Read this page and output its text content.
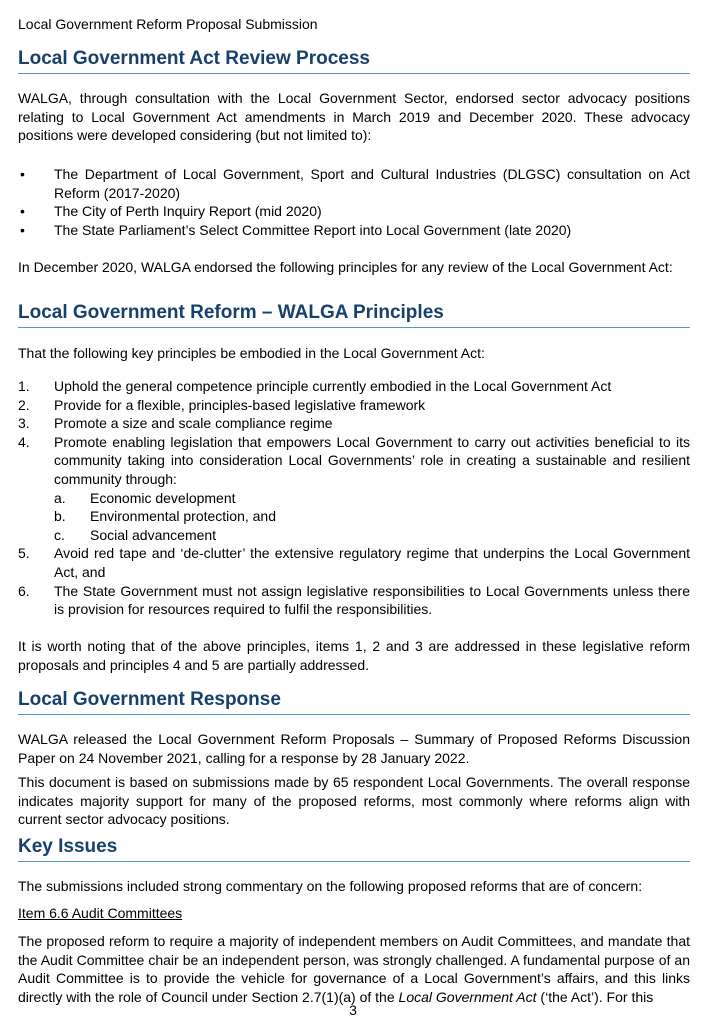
Local Government Reform Proposal Submission
Local Government Act Review Process

WALGA, through consultation with the Local Government Sector, endorsed sector advocacy positions relating to Local Government Act amendments in March 2019 and December 2020. These advocacy positions were developed considering (but not limited to):

• The Department of Local Government, Sport and Cultural Industries (DLGSC) consultation on Act Reform (2017-2020)
• The City of Perth Inquiry Report (mid 2020)
• The State Parliament’s Select Committee Report into Local Government (late 2020)

In December 2020, WALGA endorsed the following principles for any review of the Local Government Act:

Local Government Reform – WALGA Principles

That the following key principles be embodied in the Local Government Act:

1. Uphold the general competence principle currently embodied in the Local Government Act
2. Provide for a flexible, principles-based legislative framework
3. Promote a size and scale compliance regime
4. Promote enabling legislation that empowers Local Government to carry out activities beneficial to its community taking into consideration Local Governments’ role in creating a sustainable and resilient community through:
a. Economic development
b. Environmental protection, and
c. Social advancement
5. Avoid red tape and ‘de-clutter’ the extensive regulatory regime that underpins the Local Government Act, and
6. The State Government must not assign legislative responsibilities to Local Governments unless there is provision for resources required to fulfil the responsibilities.

It is worth noting that of the above principles, items 1, 2 and 3 are addressed in these legislative reform proposals and principles 4 and 5 are partially addressed.

Local Government Response

WALGA released the Local Government Reform Proposals – Summary of Proposed Reforms Discussion Paper on 24 November 2021, calling for a response by 28 January 2022.

This document is based on submissions made by 65 respondent Local Governments. The overall response indicates majority support for many of the proposed reforms, most commonly where reforms align with current sector advocacy positions.

Key Issues

The submissions included strong commentary on the following proposed reforms that are of concern:

Item 6.6 Audit Committees

The proposed reform to require a majority of independent members on Audit Committees, and mandate that the Audit Committee chair be an independent person, was strongly challenged. A fundamental purpose of an Audit Committee is to provide the vehicle for governance of a Local Government’s affairs, and this links directly with the role of Council under Section 2.7(1)(a) of the Local Government Act (‘the Act’). For this

3
